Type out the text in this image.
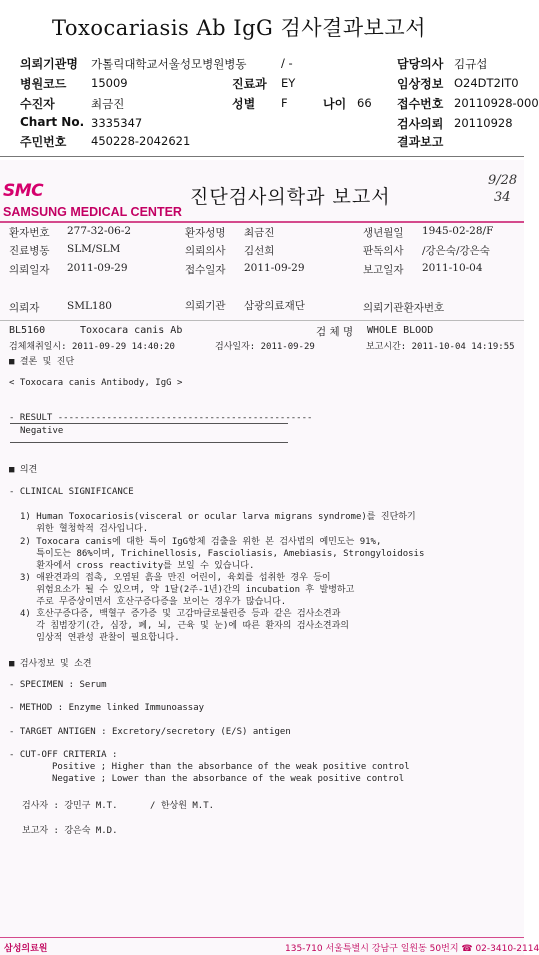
Toxocariasis Ab IgG 검사결과보고서
의뢰기관명 가톨릭대학교서울성모병원병동	/ -	담당의사 김규섭
병원코드 15009	진료과 EY	임상정보 O24DT2IT0
수진자	최금진	성별 F	나이 66 접수번호 20110928-000
Chart No. 3335347	검사의뢰 20110928
주민번호 450228-2042621	결과보고
SMC
SAMSUNG MEDICAL CENTER
진단검사의학과 보고서
9/28
34
환자번호 277-32-06-2	환자성명 최금진	생년월일 1945-02-28/F
진료병동 SLM/SLM	의뢰의사 김선희	판독의사 /강은숙/강은숙
의뢰일자 2011-09-29	접수일자 2011-09-29	보고일자 2011-10-04
의뢰자	SML180	의뢰기관 삼광의료재단	의뢰기관환자번호
BL5160	Toxocara canis Ab	검 체 명 WHOLE BLOOD
검체채취일시: 2011-09-29 14:40:20	검사일자: 2011-09-29	보고시간: 2011-10-04 14:19:55
■ 결론 및 진단
< Toxocara canis Antibody, IgG >
- RESULT -----------------------------------------------
Negative
■ 의견
- CLINICAL SIGNIFICANCE
1) Human Toxocariosis(visceral or ocular larva migrans syndrome)를 진단하기
위한 혈청학적 검사입니다.
2) Toxocara canis에 대한 특이 IgG항체 검출을 위한 본 검사법의 예민도는 91%,
특이도는 86%이며, Trichinellosis, Fascioliasis, Amebiasis, Strongyloidosis
환자에서 cross reactivity를 보일 수 있습니다.
3) 애완견과의 접촉, 오염된 흙을 만진 어린이, 육회를 섭취한 경우 등이
위험요소가 될 수 있으며, 약 1달(2주-1년)간의 incubation 후 발병하고
주로 무증상이면서 호산구증다증을 보이는 경우가 많습니다.
4) 호산구증다증, 백혈구 증가증 및 고감마글로불린증 등과 같은 검사소견과
각 침범장기(간, 심장, 폐, 뇌, 근육 및 눈)에 따른 환자의 검사소견과의
임상적 연관성 관찰이 필요합니다.
■ 검사정보 및 소견
- SPECIMEN : Serum
- METHOD : Enzyme linked Immunoassay
- TARGET ANTIGEN : Excretory/secretory (E/S) antigen
- CUT-OFF CRITERIA :
Positive ; Higher than the absorbance of the weak positive control
Negative ; Lower than the absorbance of the weak positive control
검사자 : 강민구 M.T.      / 한상원 M.T.
보고자 : 강은숙 M.D.
삼성의료원	135-710 서울특별시 강남구 일원동 50번지 ☎ 02-3410-2114
